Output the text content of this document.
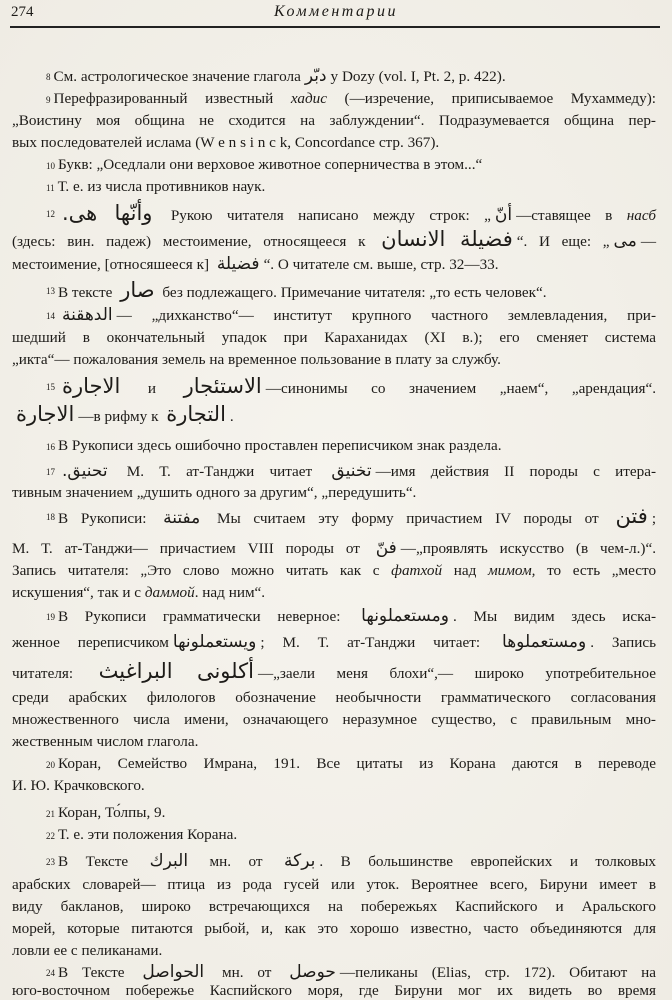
274	Комментарии
$^8$ См. астрологическое значение глагола دبّر у Dozy (vol. I, Pt. 2, p. 422).
$^9$ Перефразированный известный хадис (—изречение, приписываемое Мухаммеду):
„Воистину моя община не сходится на заблуждении“. Подразумевается община пер-
вых последователей ислама (W e n s i n c k, Concordance стр. 367).
$^{10}$ Букв: „Оседлали они верховое животное соперничества в этом...“
$^{11}$ Т. е. из числа противников наук.
$^{12}$ وأنّها هى. Рукою читателя написано между строк: „ أنّ —ставящее в насб
(здесь: вин. падеж) местоимение, относящееся к فضيلة الانسان “. И еще: „ مى —
местоимение, [относяшееся к] فضيلة “. О читателе см. выше, стр. 32—33.
$^{13}$ В тексте صار без подлежащего. Примечание читателя: „то есть человек“.
$^{14}$ الدهقنة — „дихканство“— институт крупного частного землевладения, при-
шедший в окончательный упадок при Караханидах (XI в.); его сменяет система
„икта“— пожалования земель на временное пользование в плату за службу.
$^{15}$ الاجارة и الاستئجار —синонимы со значением „наем“, „арендация“.
الاجارة —в рифму к التجارة .
$^{16}$ В Рукописи здесь ошибочно проставлен переписчиком знак раздела.
$^{17}$ تحنيق. М. Т. ат-Танджи читает تخنيق —имя действия II породы с итера-
тивным значением „душить одного за другим“, „передушить“.
$^{18}$ В Рукописи: مفتنة Мы считаем эту форму причастием IV породы от فتن ;
М. Т. ат-Танджи— причастием VIII породы от فنّ —„проявлять искусство (в чем-л.)“.
Запись читателя: „Это слово можно читать как с фатхой над мимом, то есть „место
искушения“, так и с даммой. над ним“.
$^{19}$ В Рукописи грамматически неверное: ومستعملونها . Мы видим здесь иска-
женное переписчиком ويستعملونها ; М. Т. ат-Танджи читает: ومستعملوها . Запись
читателя: أكلونى البراغيث —„заели меня блохи“,— широко употребительное
среди арабских филологов обозначение необычности грамматического согласования
множественного числа имени, означающего неразумное существо, с правильным мно-
жественным числом глагола.
$^{20}$ Коран, Семейство Имрана, 191. Все цитаты из Корана даются в переводе
И. Ю. Крачковского.
$^{21}$ Коран, То́лпы, 9.
$^{22}$ Т. е. эти положения Корана.
$^{23}$ В Тексте البرك мн. от بركة . В большинстве европейских и толковых
арабских словарей— птица из рода гусей или уток. Вероятнее всего, Бируни имеет в
виду бакланов, широко встречающихся на побережьях Каспийского и Аральского
морей, которые питаются рыбой, и, как это хорошо известно, часто объединяются для
ловли ее с пеликанами.
$^{24}$ В Тексте الحواصل мн. от حوصل —пеликаны (Elias, стр. 172). Обитают на
юго-восточном побережье Каспийского моря, где Бируни мог их видеть во время
